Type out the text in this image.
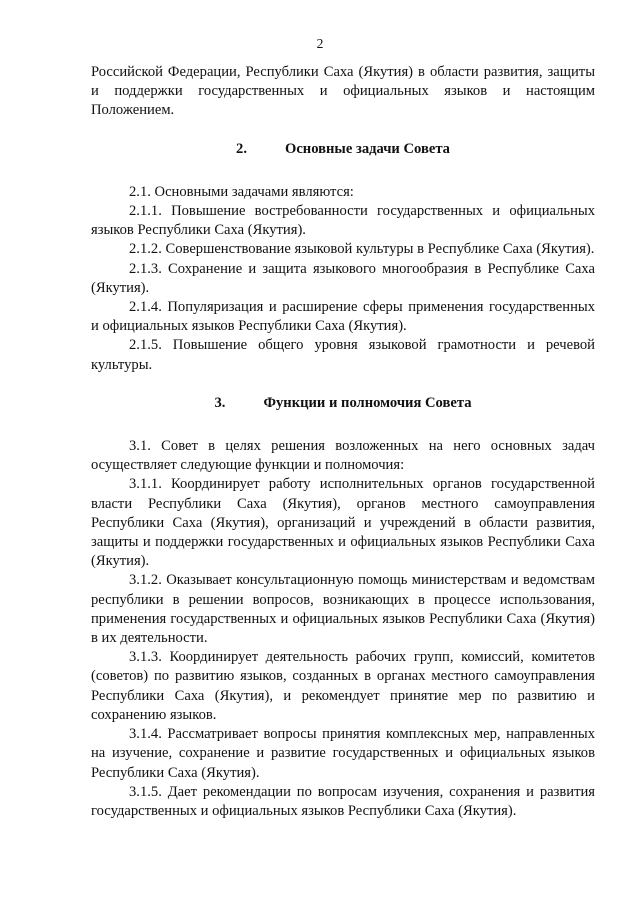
2

Российской Федерации, Республики Саха (Якутия) в области развития, защиты и поддержки государственных и официальных языков и настоящим Положением.

2.	Основные задачи Совета

2.1. Основными задачами являются:

2.1.1. Повышение востребованности государственных и официальных языков Республики Саха (Якутия).

2.1.2. Совершенствование языковой культуры в Республике Саха (Якутия).

2.1.3. Сохранение и защита языкового многообразия в Республике Саха (Якутия).

2.1.4. Популяризация и расширение сферы применения государственных и официальных языков Республики Саха (Якутия).

2.1.5. Повышение общего уровня языковой грамотности и речевой культуры.

3.	Функции и полномочия Совета

3.1. Совет в целях решения возложенных на него основных задач осуществляет следующие функции и полномочия:

3.1.1. Координирует работу исполнительных органов государственной власти Республики Саха (Якутия), органов местного самоуправления Республики Саха (Якутия), организаций и учреждений в области развития, защиты и поддержки государственных и официальных языков Республики Саха (Якутия).

3.1.2. Оказывает консультационную помощь министерствам и ведомствам республики в решении вопросов, возникающих в процессе использования, применения государственных и официальных языков Республики Саха (Якутия) в их деятельности.

3.1.3. Координирует деятельность рабочих групп, комиссий, комитетов (советов) по развитию языков, созданных в органах местного самоуправления Республики Саха (Якутия), и рекомендует принятие мер по развитию и сохранению языков.

3.1.4. Рассматривает вопросы принятия комплексных мер, направленных на изучение, сохранение и развитие государственных и официальных языков Республики Саха (Якутия).

3.1.5. Дает рекомендации по вопросам изучения, сохранения и развития государственных и официальных языков Республики Саха (Якутия).
